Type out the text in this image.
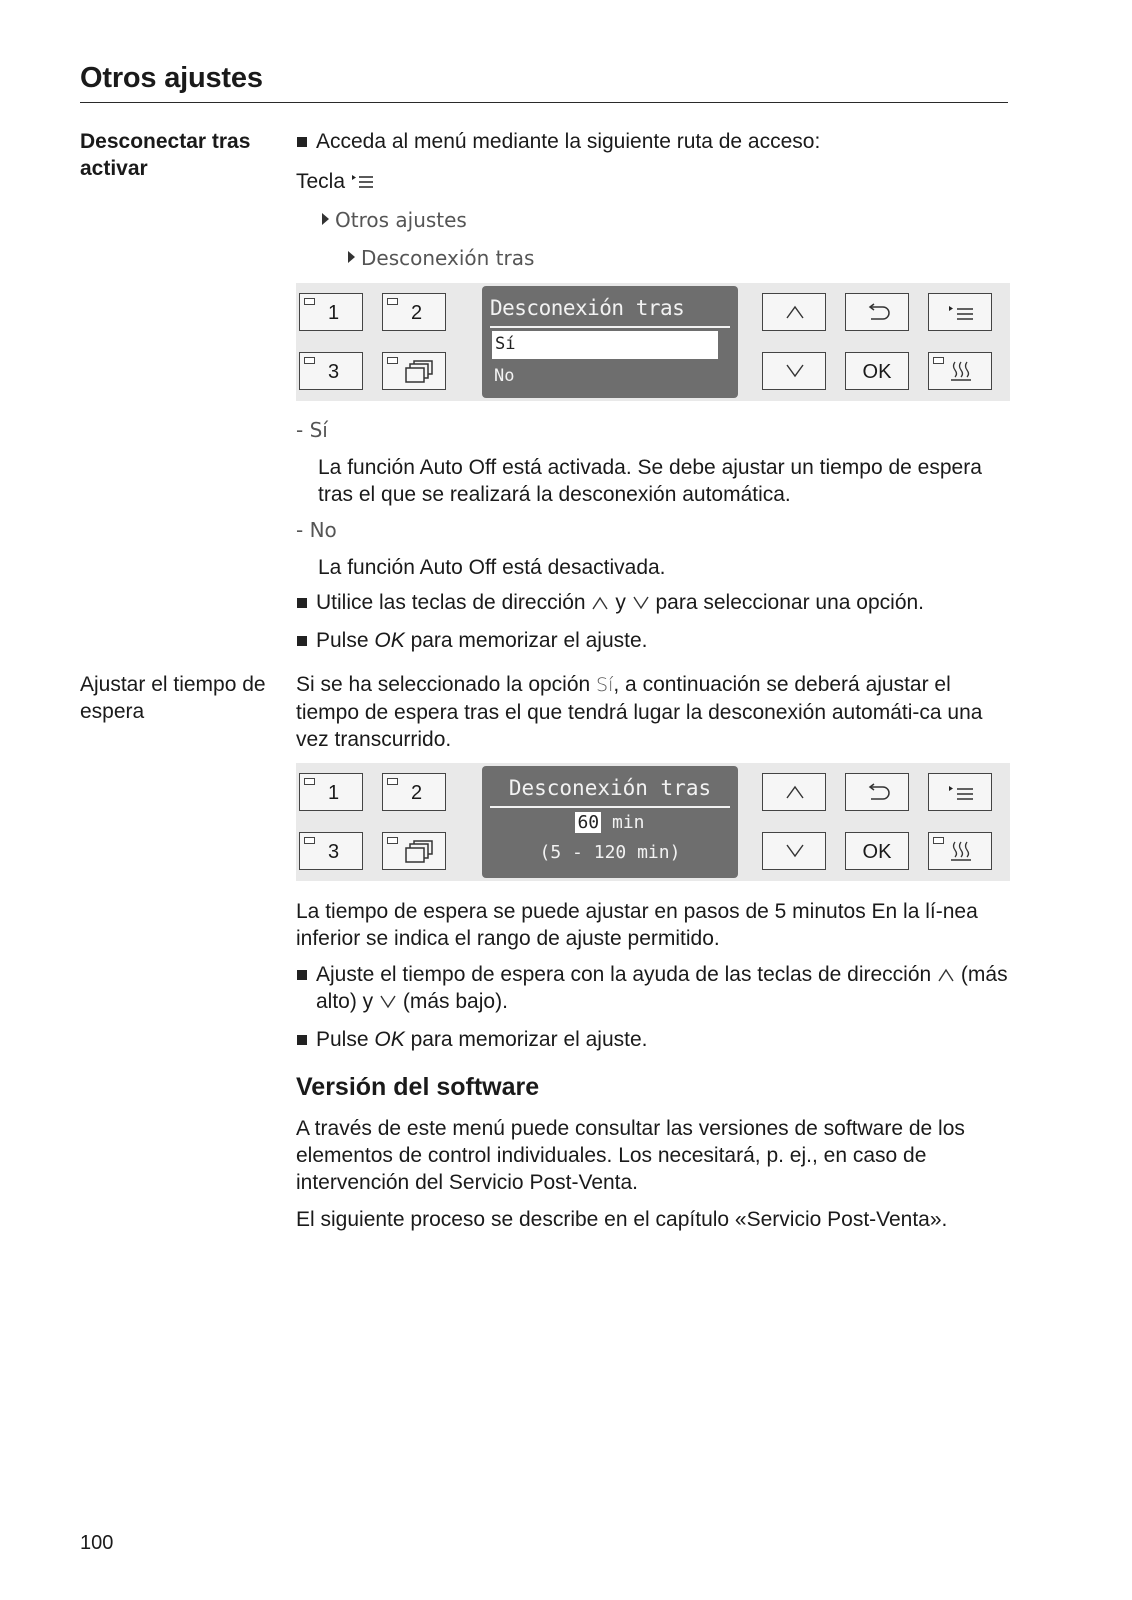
Otros ajustes
Desconectar tras activar
Acceda al menú mediante la siguiente ruta de acceso:
Tecla
Otros ajustes
Desconexión tras
1	2
3
Desconexión tras
Sí
No	OK
- Sí
La función Auto Off está activada. Se debe ajustar un tiempo de espera tras el que se realizará la desconexión automática.
- No
La función Auto Off está desactivada.
Utilice las teclas de dirección y para seleccionar una opción.
Pulse OK para memorizar el ajuste.
Ajustar el tiempo de espera
Si se ha seleccionado la opción Sí, a continuación se deberá ajustar el tiempo de espera tras el que tendrá lugar la desconexión automáti-ca una vez transcurrido.
1	2
3
Desconexión tras
60 min
(5 - 120 min)	OK
La tiempo de espera se puede ajustar en pasos de 5 minutos En la lí-nea inferior se indica el rango de ajuste permitido.
Ajuste el tiempo de espera con la ayuda de las teclas de dirección (más alto) y (más bajo).
Pulse OK para memorizar el ajuste.
Versión del software
A través de este menú puede consultar las versiones de software de los elementos de control individuales. Los necesitará, p. ej., en caso de intervención del Servicio Post-Venta.
El siguiente proceso se describe en el capítulo «Servicio Post-Venta».
100
